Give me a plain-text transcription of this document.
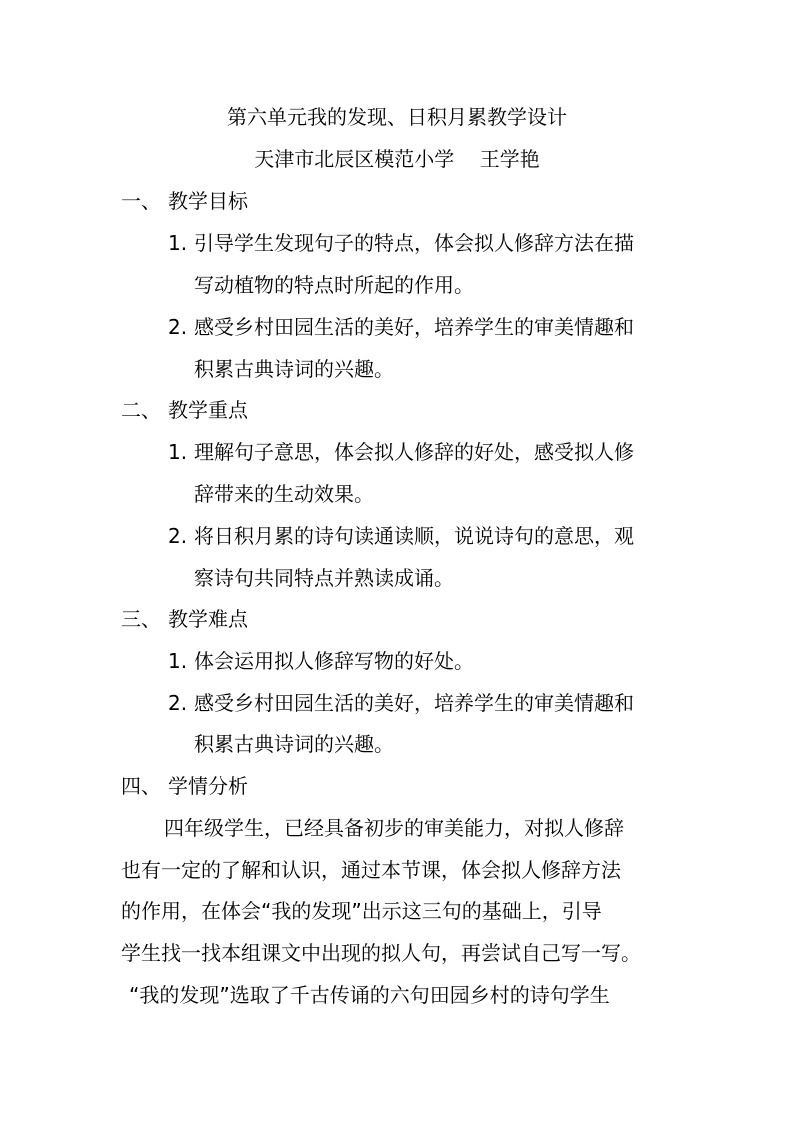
第六单元我的发现、日积月累教学设计
天津市北辰区模范小学    王学艳
一、 教学目标
1. 引导学生发现句子的特点，体会拟人修辞方法在描
写动植物的特点时所起的作用。
2. 感受乡村田园生活的美好，培养学生的审美情趣和
积累古典诗词的兴趣。
二、 教学重点
1. 理解句子意思，体会拟人修辞的好处，感受拟人修
辞带来的生动效果。
2. 将日积月累的诗句读通读顺，说说诗句的意思，观
察诗句共同特点并熟读成诵。
三、 教学难点
1. 体会运用拟人修辞写物的好处。
2. 感受乡村田园生活的美好，培养学生的审美情趣和
积累古典诗词的兴趣。
四、 学情分析
四年级学生，已经具备初步的审美能力，对拟人修辞
也有一定的了解和认识，通过本节课，体会拟人修辞方法
的作用，在体会“我的发现”出示这三句的基础上，引导
学生找一找本组课文中出现的拟人句，再尝试自己写一写。
“我的发现”选取了千古传诵的六句田园乡村的诗句学生
